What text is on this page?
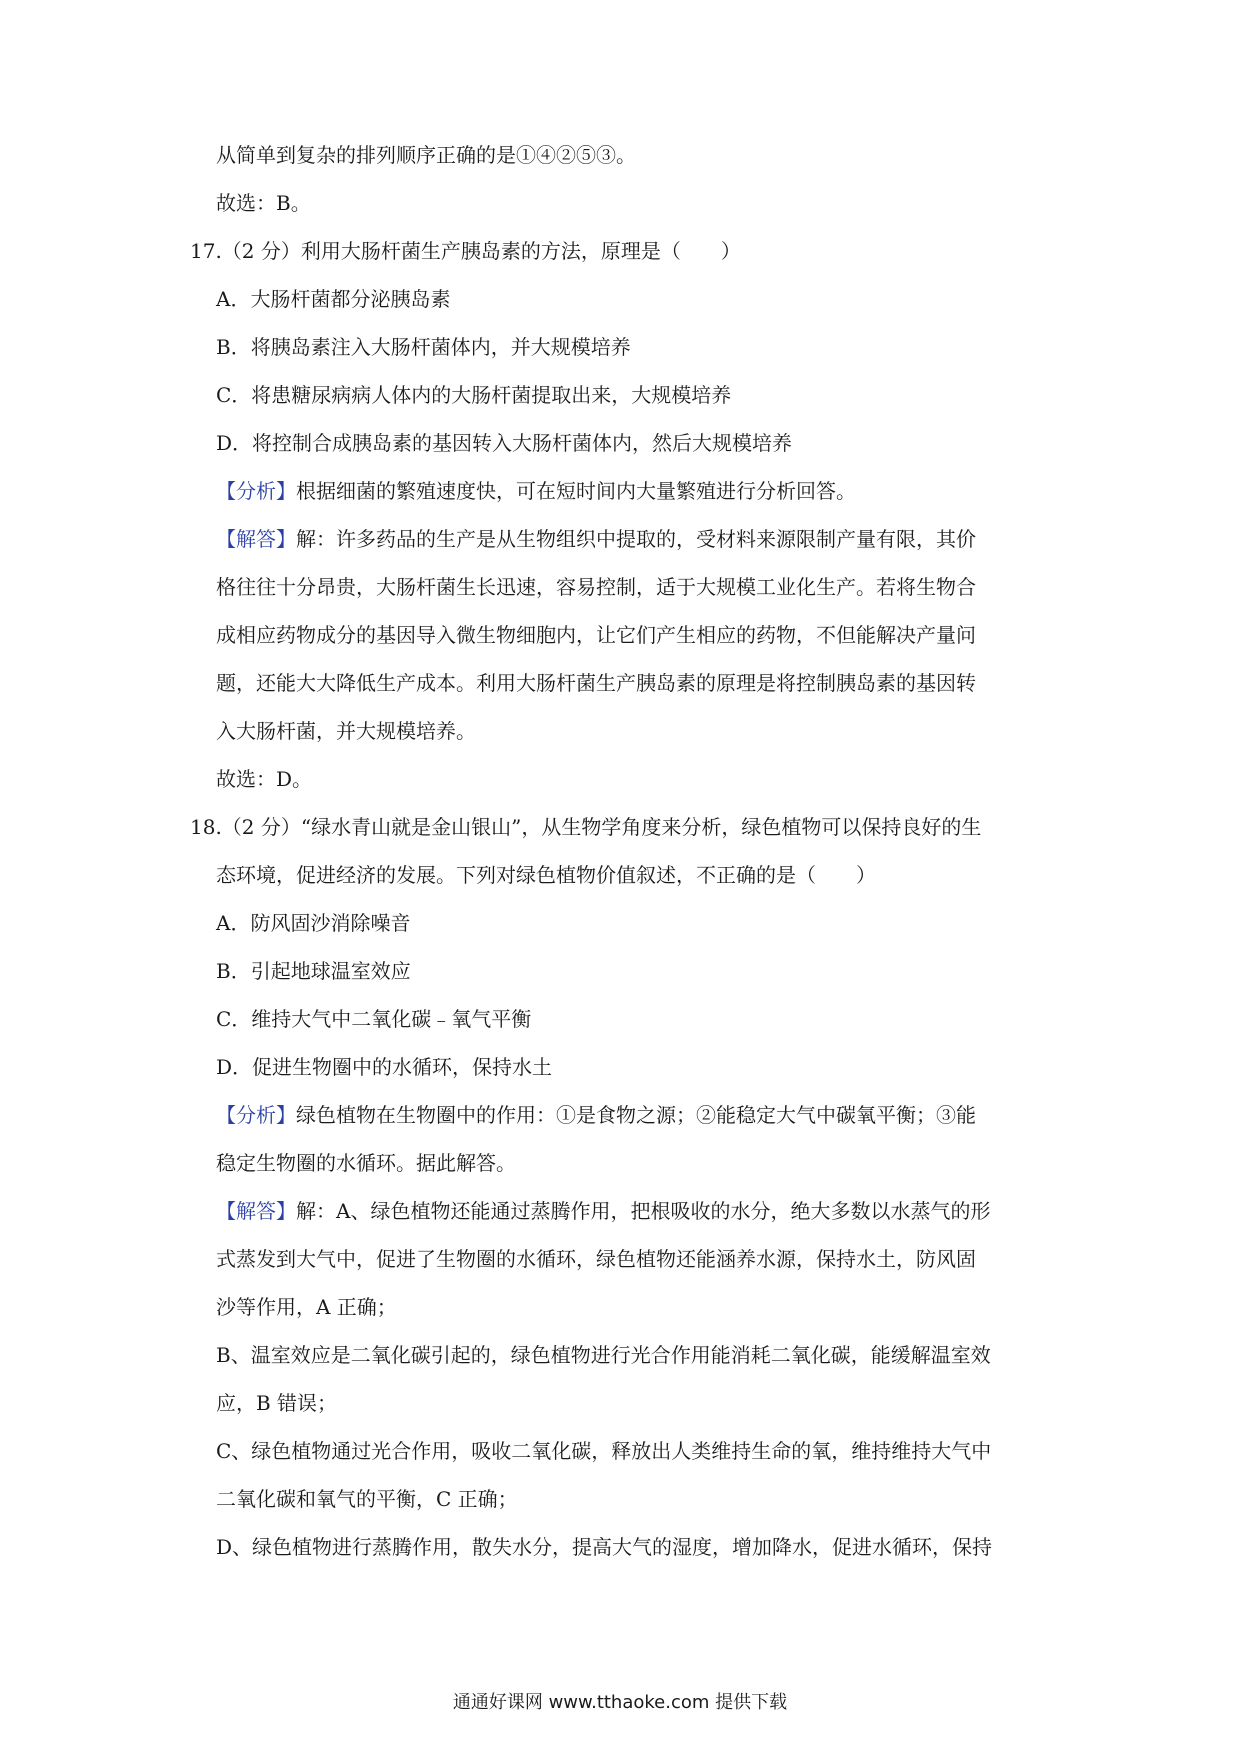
从简单到复杂的排列顺序正确的是①④②⑤③。
故选：B。
17.（2 分）利用大肠杆菌生产胰岛素的方法，原理是（　　）
A．大肠杆菌都分泌胰岛素
B．将胰岛素注入大肠杆菌体内，并大规模培养
C．将患糖尿病病人体内的大肠杆菌提取出来，大规模培养
D．将控制合成胰岛素的基因转入大肠杆菌体内，然后大规模培养
【分析】根据细菌的繁殖速度快，可在短时间内大量繁殖进行分析回答。
【解答】解：许多药品的生产是从生物组织中提取的，受材料来源限制产量有限，其价
格往往十分昂贵，大肠杆菌生长迅速，容易控制，适于大规模工业化生产。若将生物合
成相应药物成分的基因导入微生物细胞内，让它们产生相应的药物，不但能解决产量问
题，还能大大降低生产成本。利用大肠杆菌生产胰岛素的原理是将控制胰岛素的基因转
入大肠杆菌，并大规模培养。
故选：D。
18.（2 分）“绿水青山就是金山银山”，从生物学角度来分析，绿色植物可以保持良好的生
态环境，促进经济的发展。下列对绿色植物价值叙述，不正确的是（　　）
A．防风固沙消除噪音
B．引起地球温室效应
C．维持大气中二氧化碳﹣氧气平衡
D．促进生物圈中的水循环，保持水土
【分析】绿色植物在生物圈中的作用：①是食物之源；②能稳定大气中碳氧平衡；③能
稳定生物圈的水循环。据此解答。
【解答】解：A、绿色植物还能通过蒸腾作用，把根吸收的水分，绝大多数以水蒸气的形
式蒸发到大气中，促进了生物圈的水循环，绿色植物还能涵养水源，保持水土，防风固
沙等作用，A 正确；
B、温室效应是二氧化碳引起的，绿色植物进行光合作用能消耗二氧化碳，能缓解温室效
应，B 错误；
C、绿色植物通过光合作用，吸收二氧化碳，释放出人类维持生命的氧，维持维持大气中
二氧化碳和氧气的平衡，C 正确；
D、绿色植物进行蒸腾作用，散失水分，提高大气的湿度，增加降水，促进水循环，保持
通通好课网 www.tthaoke.com 提供下载
